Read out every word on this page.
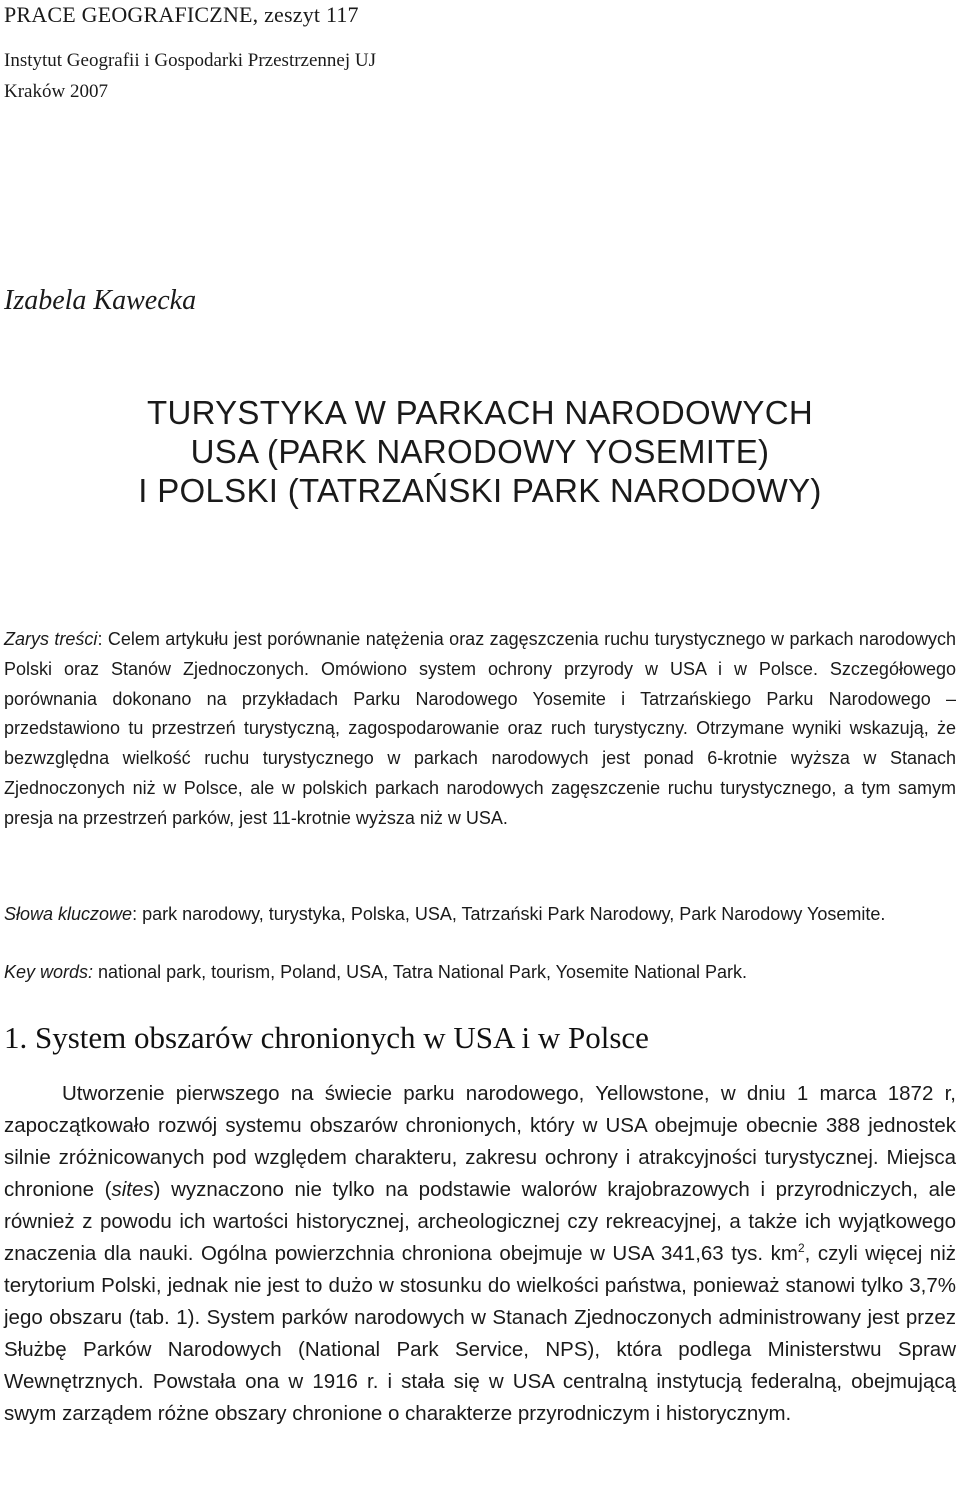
PRACE GEOGRAFICZNE, zeszyt 117
Instytut Geografii i Gospodarki Przestrzennej UJ
Kraków 2007
Izabela Kawecka
TURYSTYKA W PARKACH NARODOWYCH
USA (PARK NARODOWY YOSEMITE)
I POLSKI (TATRZAŃSKI PARK NARODOWY)

Zarys treści: Celem artykułu jest porównanie natężenia oraz zagęszczenia ruchu turystycznego w parkach narodowych Polski oraz Stanów Zjednoczonych. Omówiono system ochrony przyrody w USA i w Polsce. Szczegółowego porównania dokonano na przykładach Parku Narodowego Yosemite i Tatrzańskiego Parku Narodowego – przedstawiono tu przestrzeń turystyczną, zagospodarowanie oraz ruch turystyczny. Otrzymane wyniki wskazują, że bezwzględna wielkość ruchu turystycznego w parkach narodowych jest ponad 6-krotnie wyższa w Stanach Zjednoczonych niż w Polsce, ale w polskich parkach narodowych zagęszczenie ruchu turystycznego, a tym samym presja na przestrzeń parków, jest 11-krotnie wyższa niż w USA.

Słowa kluczowe: park narodowy, turystyka, Polska, USA, Tatrzański Park Narodowy, Park Narodowy Yosemite.
Key words: national park, tourism, Poland, USA, Tatra National Park, Yosemite National Park.
1. System obszarów chronionych w USA i w Polsce

Utworzenie pierwszego na świecie parku narodowego, Yellowstone, w dniu 1 marca 1872 r, zapoczątkowało rozwój systemu obszarów chronionych, który w USA obejmuje obecnie 388 jednostek silnie zróżnicowanych pod względem charakteru, zakresu ochrony i atrakcyjności turystycznej. Miejsca chronione (sites) wyznaczono nie tylko na podstawie walorów krajobrazowych i przyrodniczych, ale również z powodu ich wartości historycznej, archeologicznej czy rekreacyjnej, a także ich wyjątkowego znaczenia dla nauki. Ogólna powierzchnia chroniona obejmuje w USA 341,63 tys. $km^2$, czyli więcej niż terytorium Polski, jednak nie jest to dużo w stosunku do wielkości państwa, ponieważ stanowi tylko 3,7% jego obszaru (tab. 1). System parków narodowych w Stanach Zjednoczonych administrowany jest przez Służbę Parków Narodowych (National Park Service, NPS), która podlega Ministerstwu Spraw Wewnętrznych. Powstała ona w 1916 r. i stała się w USA centralną instytucją federalną, obejmującą swym zarządem różne obszary chronione o charakterze przyrodniczym i historycznym.
